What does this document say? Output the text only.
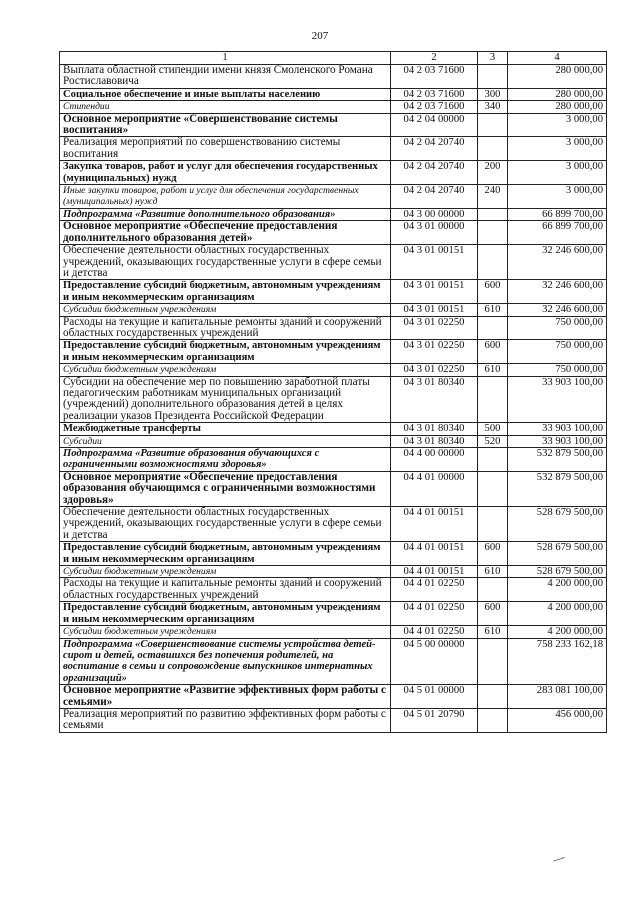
207
1	2	3	4
Выплата областной стипендии имени князя Смоленского Романа Ростиславовича	04 2 03 71600		280 000,00
Социальное обеспечение и иные выплаты населению	04 2 03 71600	300	280 000,00
Стипендии	04 2 03 71600	340	280 000,00
Основное мероприятие «Совершенствование системы воспитания»	04 2 04 00000		3 000,00
Реализация мероприятий по совершенствованию системы воспитания	04 2 04 20740		3 000,00
Закупка товаров, работ и услуг для обеспечения государственных (муниципальных) нужд	04 2 04 20740	200	3 000,00
Иные закупки товаров, работ и услуг для обеспечения государственных (муниципальных) нужд	04 2 04 20740	240	3 000,00
Подпрограмма «Развитие дополнительного образования»	04 3 00 00000		66 899 700,00
Основное мероприятие «Обеспечение предоставления дополнительного образования детей»	04 3 01 00000		66 899 700,00
Обеспечение деятельности областных государственных учреждений, оказывающих государственные услуги в сфере семьи и детства	04 3 01 00151		32 246 600,00
Предоставление субсидий бюджетным, автономным учреждениям и иным некоммерческим организациям	04 3 01 00151	600	32 246 600,00
Субсидии бюджетным учреждениям	04 3 01 00151	610	32 246 600,00
Расходы на текущие и капитальные ремонты зданий и сооружений областных государственных учреждений	04 3 01 02250		750 000,00
Предоставление субсидий бюджетным, автономным учреждениям и иным некоммерческим организациям	04 3 01 02250	600	750 000,00
Субсидии бюджетным учреждениям	04 3 01 02250	610	750 000,00
Субсидии на обеспечение мер по повышению заработной платы педагогическим работникам муниципальных организаций (учреждений) дополнительного образования детей в целях реализации указов Президента Российской Федерации	04 3 01 80340		33 903 100,00
Межбюджетные трансферты	04 3 01 80340	500	33 903 100,00
Субсидии	04 3 01 80340	520	33 903 100,00
Подпрограмма «Развитие образования обучающихся с ограниченными возможностями здоровья»	04 4 00 00000		532 879 500,00
Основное мероприятие «Обеспечение предоставления образования обучающимся с ограниченными возможностями здоровья»	04 4 01 00000		532 879 500,00
Обеспечение деятельности областных государственных учреждений, оказывающих государственные услуги в сфере семьи и детства	04 4 01 00151		528 679 500,00
Предоставление субсидий бюджетным, автономным учреждениям и иным некоммерческим организациям	04 4 01 00151	600	528 679 500,00
Субсидии бюджетным учреждениям	04 4 01 00151	610	528 679 500,00
Расходы на текущие и капитальные ремонты зданий и сооружений областных государственных учреждений	04 4 01 02250		4 200 000,00
Предоставление субсидий бюджетным, автономным учреждениям и иным некоммерческим организациям	04 4 01 02250	600	4 200 000,00
Субсидии бюджетным учреждениям	04 4 01 02250	610	4 200 000,00
Подпрограмма «Совершенствование системы устройства детей-сирот и детей, оставшихся без попечения родителей, на воспитание в семьи и сопровождение выпускников интернатных организаций»	04 5 00 00000		758 233 162,18
Основное мероприятие «Развитие эффективных форм работы с семьями»	04 5 01 00000		283 081 100,00
Реализация мероприятий по развитию эффективных форм работы с семьями	04 5 01 20790		456 000,00
